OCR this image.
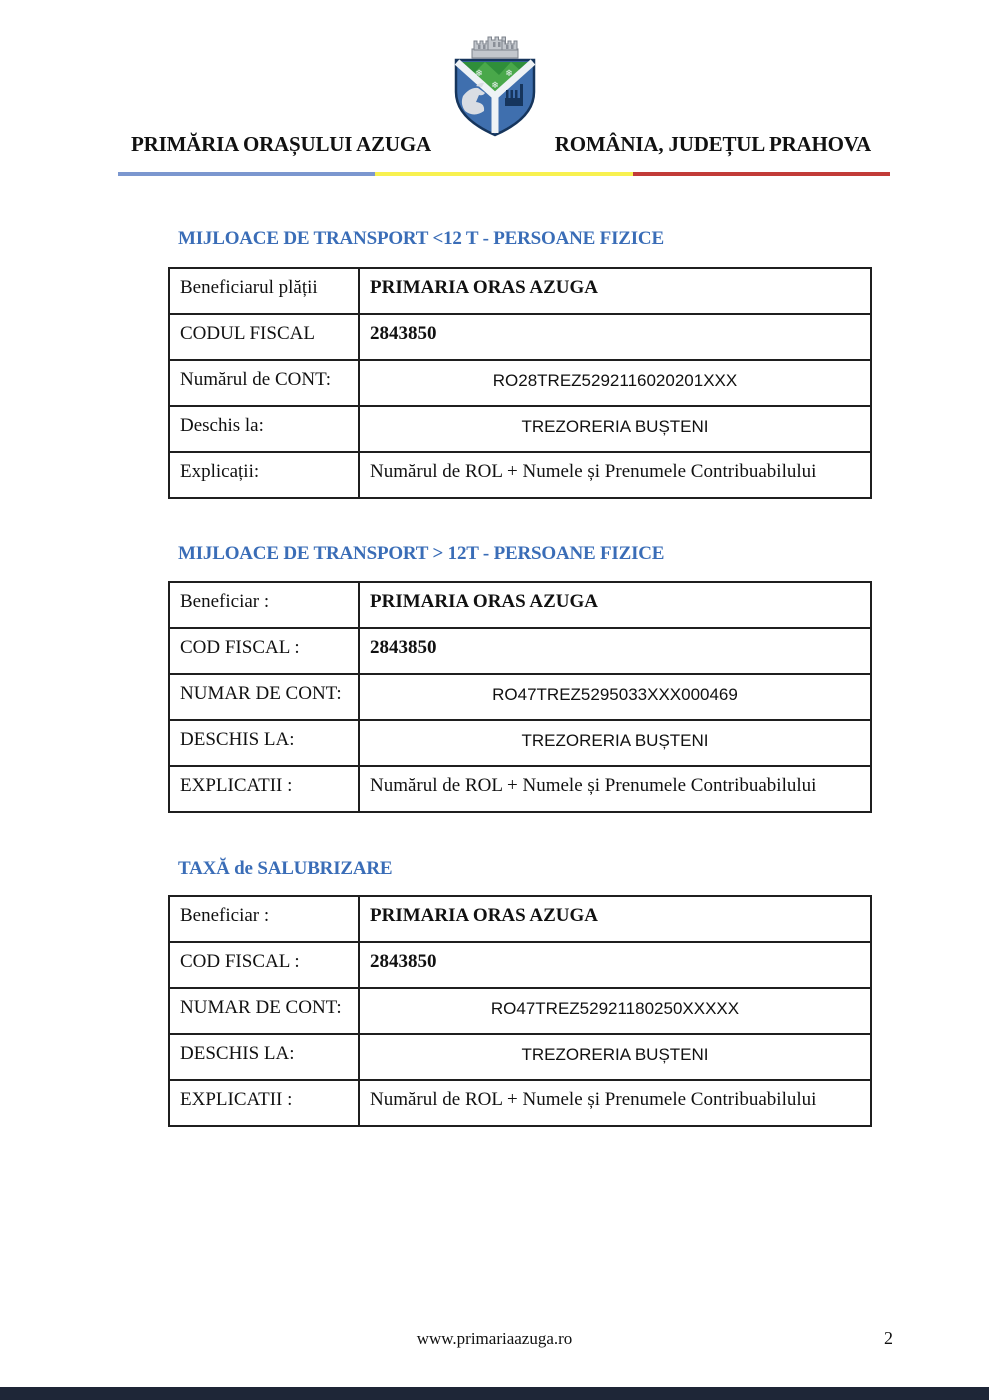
❄ ❄
❄
PRIMĂRIA ORAȘULUI AZUGA	ROMÂNIA, JUDEȚUL PRAHOVA
MIJLOACE DE TRANSPORT <12 T - PERSOANE FIZICE
Beneficiarul plății	PRIMARIA ORAS AZUGA
CODUL FISCAL	2843850
Numărul de CONT:	RO28TREZ5292116020201XXX
Deschis la:	TREZORERIA BUȘTENI
Explicații:	Numărul de ROL + Numele și Prenumele Contribuabilului
MIJLOACE DE TRANSPORT > 12T - PERSOANE FIZICE
Beneficiar :	PRIMARIA ORAS AZUGA
COD FISCAL :	2843850
NUMAR DE CONT:	RO47TREZ5295033XXX000469
DESCHIS LA:	TREZORERIA BUȘTENI
EXPLICATII :	Numărul de ROL + Numele și Prenumele Contribuabilului
TAXĂ de SALUBRIZARE
Beneficiar :	PRIMARIA ORAS AZUGA
COD FISCAL :	2843850
NUMAR DE CONT:	RO47TREZ52921180250XXXXX
DESCHIS LA:	TREZORERIA BUȘTENI
EXPLICATII :	Numărul de ROL + Numele și Prenumele Contribuabilului
www.primariaazuga.ro	2
